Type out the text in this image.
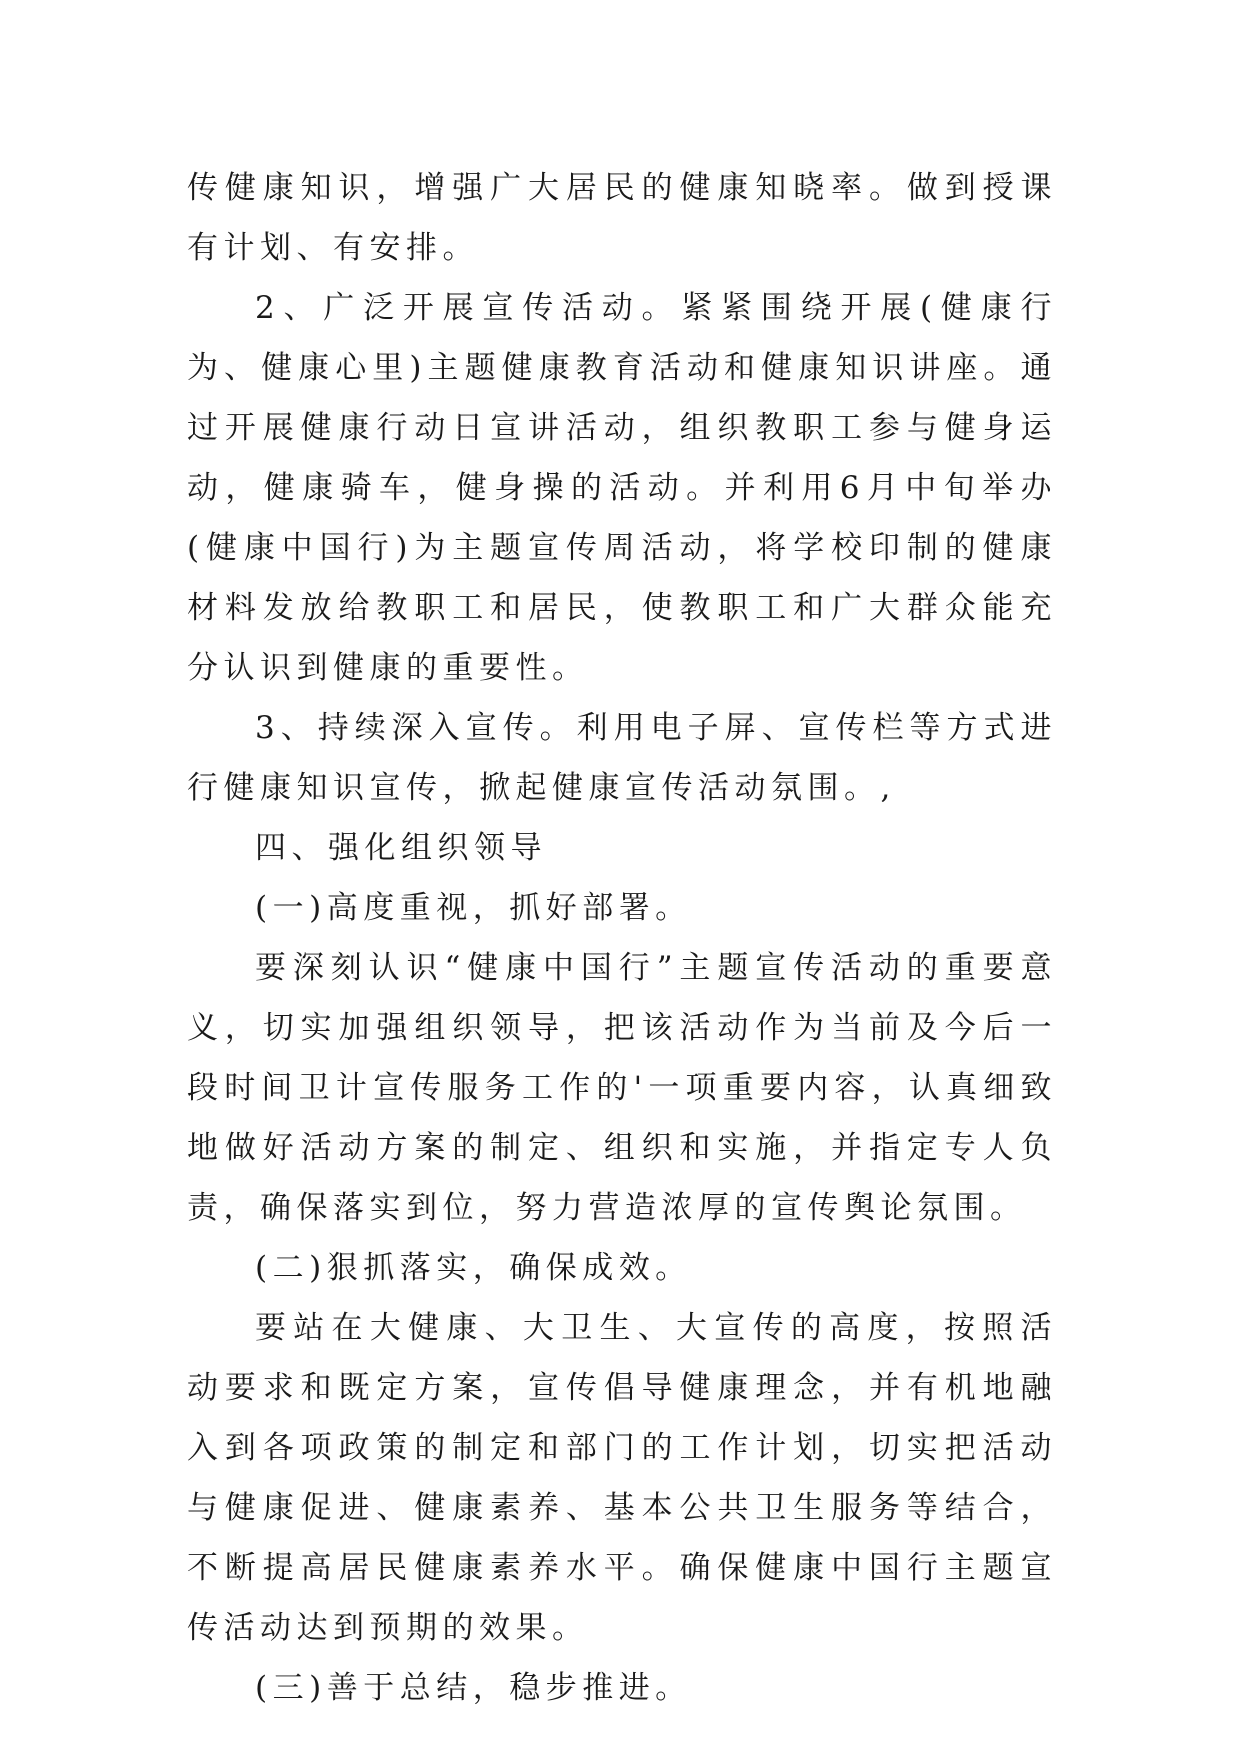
传健康知识，增强广大居民的健康知晓率。做到授课有计划、有安排。

2、广泛开展宣传活动。紧紧围绕开展(健康行为、健康心里)主题健康教育活动和健康知识讲座。通过开展健康行动日宣讲活动，组织教职工参与健身运动，健康骑车，健身操的活动。并利用6月中旬举办(健康中国行)为主题宣传周活动，将学校印制的健康材料发放给教职工和居民，使教职工和广大群众能充分认识到健康的重要性。

3、持续深入宣传。利用电子屏、宣传栏等方式进行健康知识宣传，掀起健康宣传活动氛围。,

四、强化组织领导

(一)高度重视，抓好部署。

要深刻认识“健康中国行”主题宣传活动的重要意义，切实加强组织领导，把该活动作为当前及今后一段时间卫计宣传服务工作的'一项重要内容，认真细致地做好活动方案的制定、组织和实施，并指定专人负责，确保落实到位，努力营造浓厚的宣传舆论氛围。

(二)狠抓落实，确保成效。

要站在大健康、大卫生、大宣传的高度，按照活动要求和既定方案，宣传倡导健康理念，并有机地融入到各项政策的制定和部门的工作计划，切实把活动与健康促进、健康素养、基本公共卫生服务等结合，不断提高居民健康素养水平。确保健康中国行主题宣传活动达到预期的效果。

(三)善于总结，稳步推进。
